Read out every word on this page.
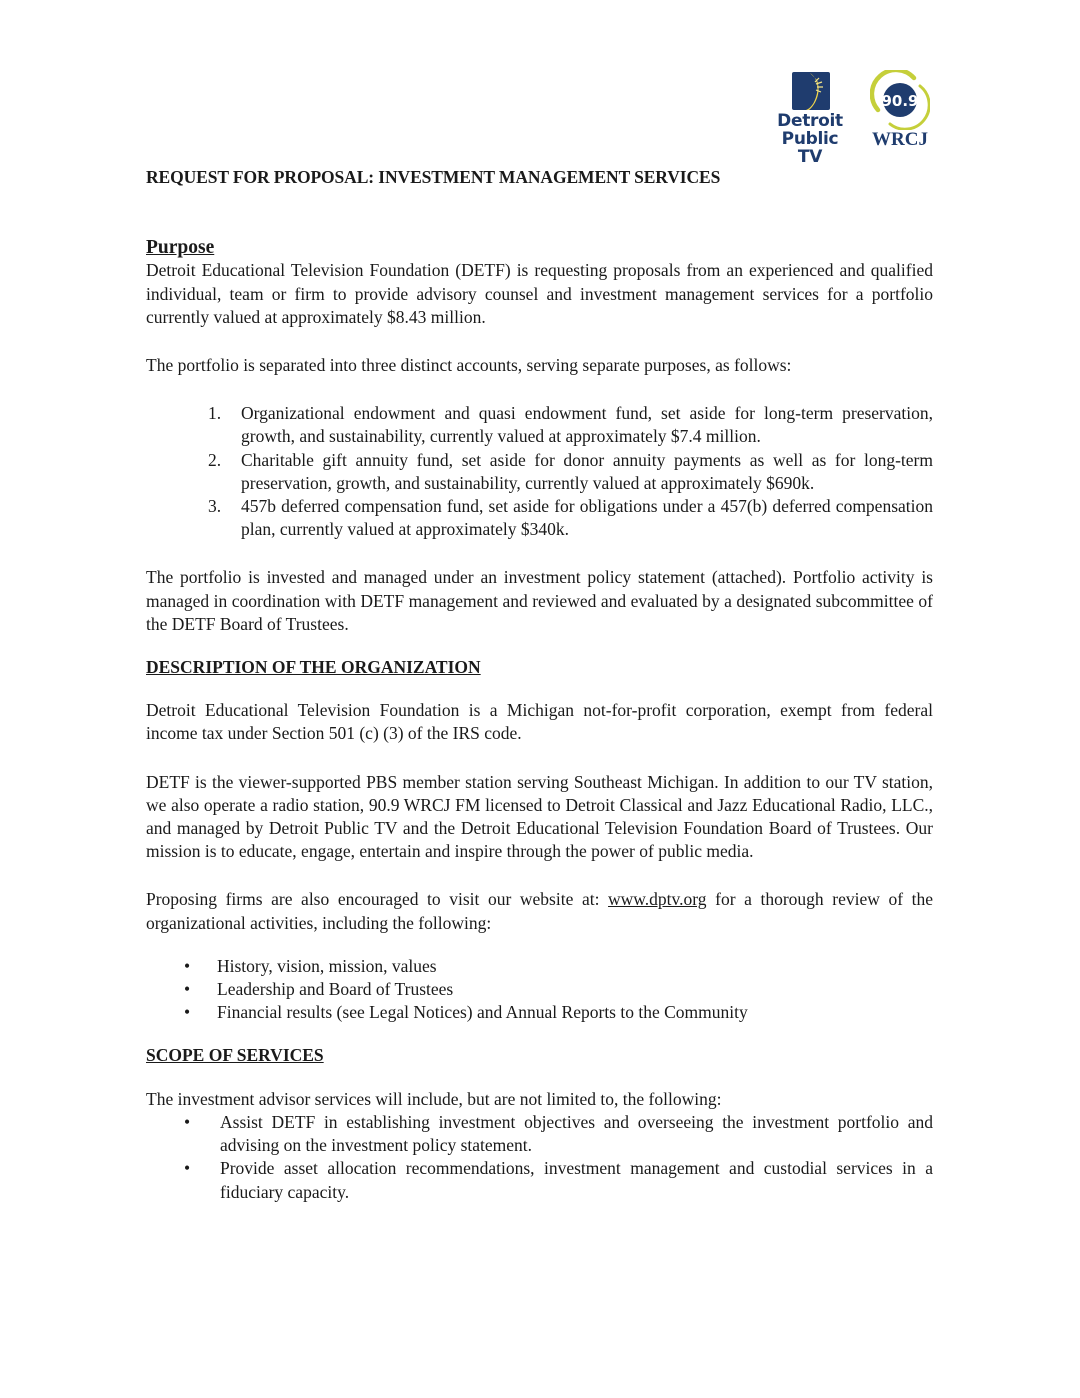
Detroit
Public TV
90.9
WRCJ
REQUEST FOR PROPOSAL: INVESTMENT MANAGEMENT SERVICES
Purpose

Detroit Educational Television Foundation (DETF) is requesting proposals from an experienced and qualified individual, team or firm to provide advisory counsel and investment management services for a portfolio currently valued at approximately $8.43 million.

The portfolio is separated into three distinct accounts, serving separate purposes, as follows:

1. Organizational endowment and quasi endowment fund, set aside for long-term preservation, growth, and sustainability, currently valued at approximately $7.4 million.
2. Charitable gift annuity fund, set aside for donor annuity payments as well as for long-term preservation, growth, and sustainability, currently valued at approximately $690k.
3. 457b deferred compensation fund, set aside for obligations under a 457(b) deferred compensation plan, currently valued at approximately $340k.

The portfolio is invested and managed under an investment policy statement (attached). Portfolio activity is managed in coordination with DETF management and reviewed and evaluated by a designated subcommittee of the DETF Board of Trustees.

DESCRIPTION OF THE ORGANIZATION

Detroit Educational Television Foundation is a Michigan not-for-profit corporation, exempt from federal income tax under Section 501 (c) (3) of the IRS code.

DETF is the viewer-supported PBS member station serving Southeast Michigan. In addition to our TV station, we also operate a radio station, 90.9 WRCJ FM licensed to Detroit Classical and Jazz Educational Radio, LLC., and managed by Detroit Public TV and the Detroit Educational Television Foundation Board of Trustees. Our mission is to educate, engage, entertain and inspire through the power of public media.

Proposing firms are also encouraged to visit our website at: www.dptv.org for a thorough review of the organizational activities, including the following:

• History, vision, mission, values
• Leadership and Board of Trustees
• Financial results (see Legal Notices) and Annual Reports to the Community
SCOPE OF SERVICES

The investment advisor services will include, but are not limited to, the following:

• Assist DETF in establishing investment objectives and overseeing the investment portfolio and advising on the investment policy statement.
• Provide asset allocation recommendations, investment management and custodial services in a fiduciary capacity.
